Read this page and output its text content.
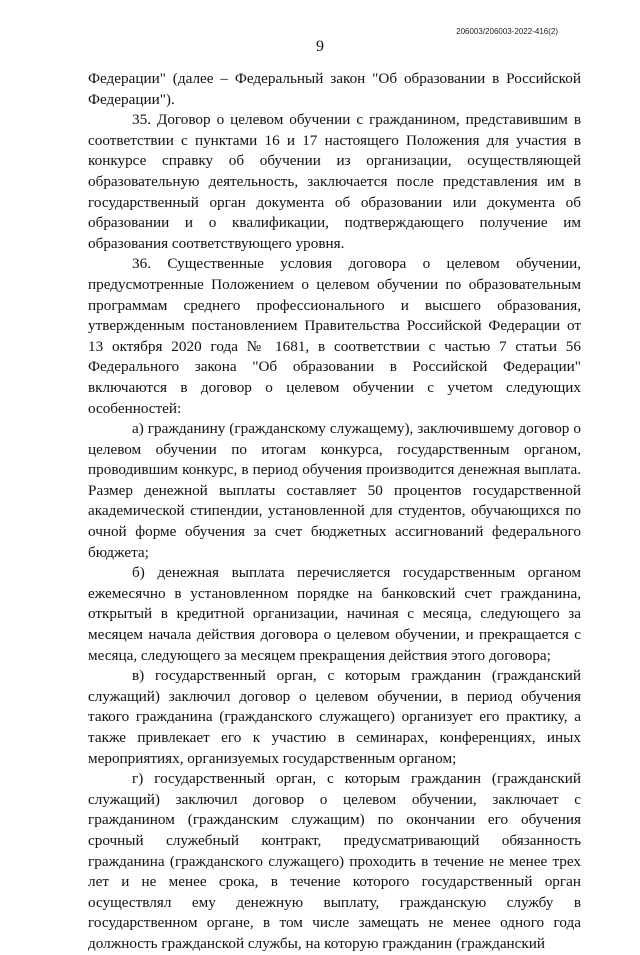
206003/206003-2022-416(2)
9

Федерации" (далее – Федеральный закон "Об образовании в Российской Федерации").

35. Договор о целевом обучении с гражданином, представившим в соответствии с пунктами 16 и 17 настоящего Положения для участия в конкурсе справку об обучении из организации, осуществляющей образовательную деятельность, заключается после представления им в государственный орган документа об образовании или документа об образовании и о квалификации, подтверждающего получение им образования соответствующего уровня.

36. Существенные условия договора о целевом обучении, предусмотренные Положением о целевом обучении по образовательным программам среднего профессионального и высшего образования, утвержденным постановлением Правительства Российской Федерации от 13 октября 2020 года № 1681, в соответствии с частью 7 статьи 56 Федерального закона "Об образовании в Российской Федерации" включаются в договор о целевом обучении с учетом следующих особенностей:

а) гражданину (гражданскому служащему), заключившему договор о целевом обучении по итогам конкурса, государственным органом, проводившим конкурс, в период обучения производится денежная выплата. Размер денежной выплаты составляет 50 процентов государственной академической стипендии, установленной для студентов, обучающихся по очной форме обучения за счет бюджетных ассигнований федерального бюджета;

б) денежная выплата перечисляется государственным органом ежемесячно в установленном порядке на банковский счет гражданина, открытый в кредитной организации, начиная с месяца, следующего за месяцем начала действия договора о целевом обучении, и прекращается с месяца, следующего за месяцем прекращения действия этого договора;

в) государственный орган, с которым гражданин (гражданский служащий) заключил договор о целевом обучении, в период обучения такого гражданина (гражданского служащего) организует его практику, а также привлекает его к участию в семинарах, конференциях, иных мероприятиях, организуемых государственным органом;

г) государственный орган, с которым гражданин (гражданский служащий) заключил договор о целевом обучении, заключает с гражданином (гражданским служащим) по окончании его обучения срочный служебный контракт, предусматривающий обязанность гражданина (гражданского служащего) проходить в течение не менее трех лет и не менее срока, в течение которого государственный орган осуществлял ему денежную выплату, гражданскую службу в государственном органе, в том числе замещать не менее одного года должность гражданской службы, на которую гражданин (гражданский
